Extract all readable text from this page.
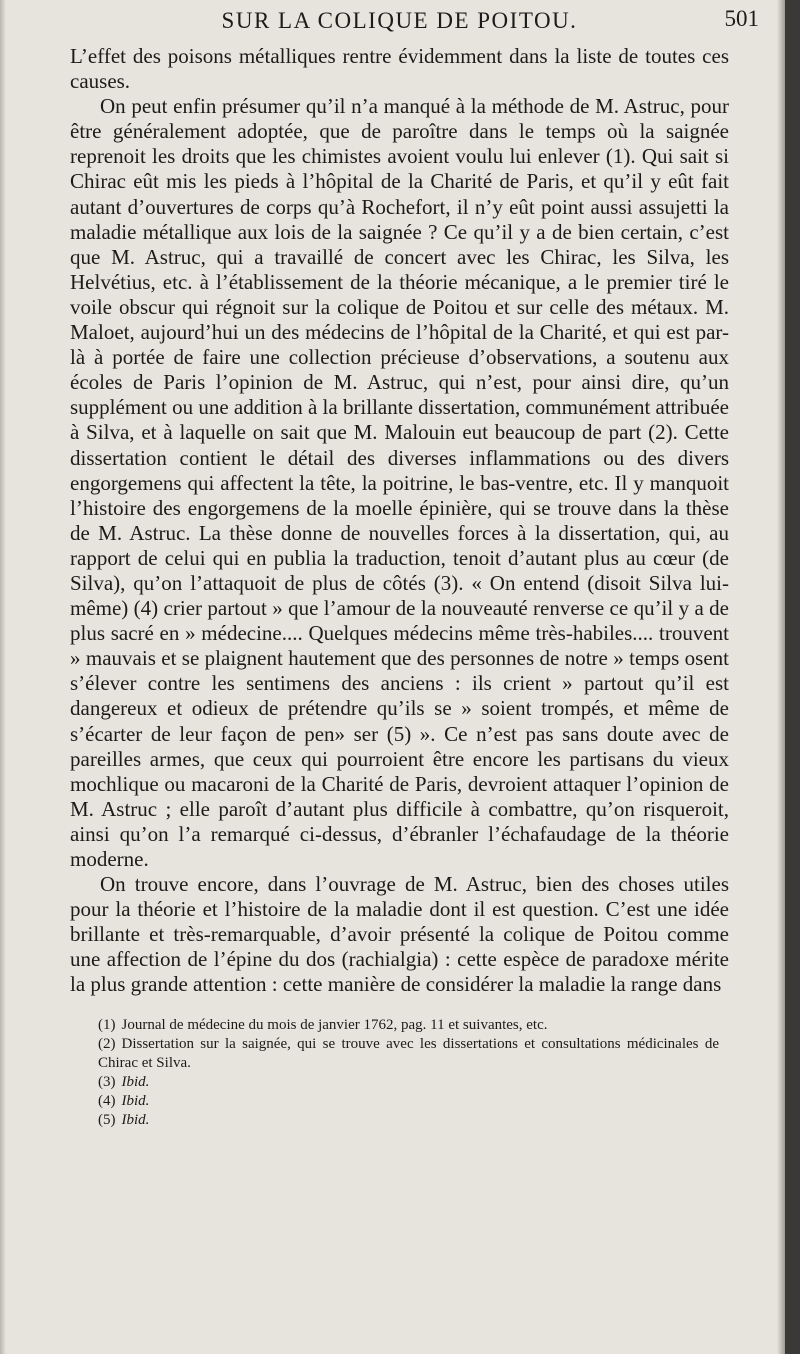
SUR LA COLIQUE DE POITOU.	501

L’effet des poisons métalliques rentre évidemment dans la liste de toutes ces causes.

On peut enfin présumer qu’il n’a manqué à la méthode de M. Astruc, pour être généralement adoptée, que de paroître dans le temps où la saignée reprenoit les droits que les chimistes avoient voulu lui enlever (1). Qui sait si Chirac eût mis les pieds à l’hôpital de la Charité de Paris, et qu’il y eût fait autant d’ouvertures de corps qu’à Rochefort, il n’y eût point aussi assujetti la maladie métallique aux lois de la saignée ? Ce qu’il y a de bien certain, c’est que M. Astruc, qui a travaillé de concert avec les Chirac, les Silva, les Helvétius, etc. à l’établissement de la théorie mécanique, a le premier tiré le voile obscur qui régnoit sur la colique de Poitou et sur celle des métaux. M. Maloet, aujourd’hui un des médecins de l’hôpital de la Charité, et qui est par-là à portée de faire une collection précieuse d’observations, a soutenu aux écoles de Paris l’opinion de M. Astruc, qui n’est, pour ainsi dire, qu’un supplément ou une addition à la brillante dissertation, communément attribuée à Silva, et à laquelle on sait que M. Malouin eut beaucoup de part (2). Cette dissertation contient le détail des diverses inflammations ou des divers engorgemens qui affectent la tête, la poitrine, le bas-ventre, etc. Il y manquoit l’histoire des engorgemens de la moelle épinière, qui se trouve dans la thèse de M. Astruc. La thèse donne de nouvelles forces à la dissertation, qui, au rapport de celui qui en publia la traduction, tenoit d’autant plus au cœur (de Silva), qu’on l’attaquoit de plus de côtés (3). « On entend (disoit Silva lui-même) (4) crier partout » que l’amour de la nouveauté renverse ce qu’il y a de plus sacré en » médecine.... Quelques médecins même très-habiles.... trouvent » mauvais et se plaignent hautement que des personnes de notre » temps osent s’élever contre les sentimens des anciens : ils crient » partout qu’il est dangereux et odieux de prétendre qu’ils se » soient trompés, et même de s’écarter de leur façon de pen» ser (5) ». Ce n’est pas sans doute avec de pareilles armes, que ceux qui pourroient être encore les partisans du vieux mochlique ou macaroni de la Charité de Paris, devroient attaquer l’opinion de M. Astruc ; elle paroît d’autant plus difficile à combattre, qu’on risqueroit, ainsi qu’on l’a remarqué ci-dessus, d’ébranler l’échafaudage de la théorie moderne.

On trouve encore, dans l’ouvrage de M. Astruc, bien des choses utiles pour la théorie et l’histoire de la maladie dont il est question. C’est une idée brillante et très-remarquable, d’avoir présenté la colique de Poitou comme une affection de l’épine du dos (rachialgia) : cette espèce de paradoxe mérite la plus grande attention : cette manière de considérer la maladie la range dans

(1) Journal de médecine du mois de janvier 1762, pag. 11 et suivantes, etc.

(2) Dissertation sur la saignée, qui se trouve avec les dissertations et consultations médicinales de Chirac et Silva.

(3) Ibid.

(4) Ibid.

(5) Ibid.
